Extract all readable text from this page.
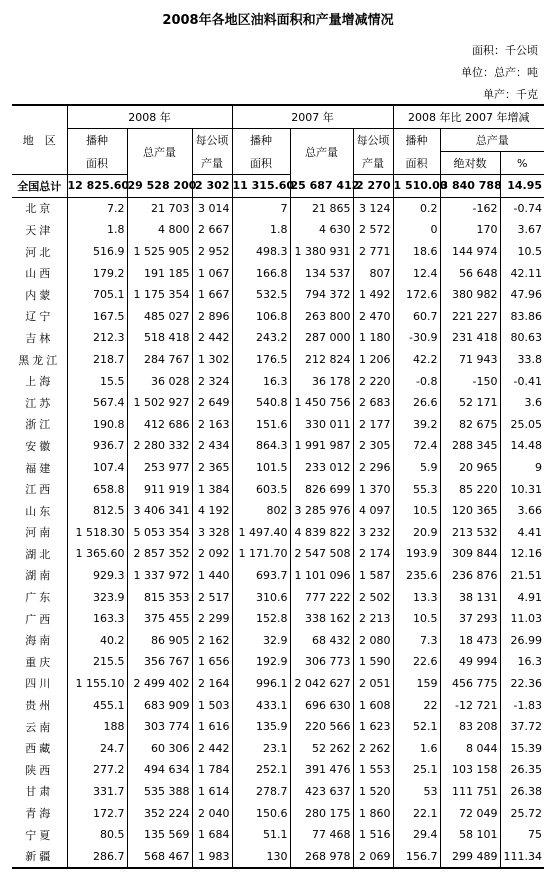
2008年各地区油料面积和产量增减情况
面积：千公顷
单位：总产：吨
单产：千克
地　区	2008 年			2007 年			2008 年比 2007 年增减		
	播种	总产量	每公顷	播种	总产量	每公顷	播种	总产量	
	面积		产量	面积		产量	面积	绝对数	%
全国总计	12 825.60	29 528 200	2 302	11 315.60	25 687 412	2 270	1 510.00	3 840 788	14.95
北京	7.2	21 703	3 014	7	21 865	3 124	0.2	-162	-0.74
天津	1.8	4 800	2 667	1.8	4 630	2 572	0	170	3.67
河北	516.9	1 525 905	2 952	498.3	1 380 931	2 771	18.6	144 974	10.5
山西	179.2	191 185	1 067	166.8	134 537	807	12.4	56 648	42.11
内蒙	705.1	1 175 354	1 667	532.5	794 372	1 492	172.6	380 982	47.96
辽宁	167.5	485 027	2 896	106.8	263 800	2 470	60.7	221 227	83.86
吉林	212.3	518 418	2 442	243.2	287 000	1 180	-30.9	231 418	80.63
黑龙江	218.7	284 767	1 302	176.5	212 824	1 206	42.2	71 943	33.8
上海	15.5	36 028	2 324	16.3	36 178	2 220	-0.8	-150	-0.41
江苏	567.4	1 502 927	2 649	540.8	1 450 756	2 683	26.6	52 171	3.6
浙江	190.8	412 686	2 163	151.6	330 011	2 177	39.2	82 675	25.05
安徽	936.7	2 280 332	2 434	864.3	1 991 987	2 305	72.4	288 345	14.48
福建	107.4	253 977	2 365	101.5	233 012	2 296	5.9	20 965	9
江西	658.8	911 919	1 384	603.5	826 699	1 370	55.3	85 220	10.31
山东	812.5	3 406 341	4 192	802	3 285 976	4 097	10.5	120 365	3.66
河南	1 518.30	5 053 354	3 328	1 497.40	4 839 822	3 232	20.9	213 532	4.41
湖北	1 365.60	2 857 352	2 092	1 171.70	2 547 508	2 174	193.9	309 844	12.16
湖南	929.3	1 337 972	1 440	693.7	1 101 096	1 587	235.6	236 876	21.51
广东	323.9	815 353	2 517	310.6	777 222	2 502	13.3	38 131	4.91
广西	163.3	375 455	2 299	152.8	338 162	2 213	10.5	37 293	11.03
海南	40.2	86 905	2 162	32.9	68 432	2 080	7.3	18 473	26.99
重庆	215.5	356 767	1 656	192.9	306 773	1 590	22.6	49 994	16.3
四川	1 155.10	2 499 402	2 164	996.1	2 042 627	2 051	159	456 775	22.36
贵州	455.1	683 909	1 503	433.1	696 630	1 608	22	-12 721	-1.83
云南	188	303 774	1 616	135.9	220 566	1 623	52.1	83 208	37.72
西藏	24.7	60 306	2 442	23.1	52 262	2 262	1.6	8 044	15.39
陕西	277.2	494 634	1 784	252.1	391 476	1 553	25.1	103 158	26.35
甘肃	331.7	535 388	1 614	278.7	423 637	1 520	53	111 751	26.38
青海	172.7	352 224	2 040	150.6	280 175	1 860	22.1	72 049	25.72
宁夏	80.5	135 569	1 684	51.1	77 468	1 516	29.4	58 101	75
新疆	286.7	568 467	1 983	130	268 978	2 069	156.7	299 489	111.34
